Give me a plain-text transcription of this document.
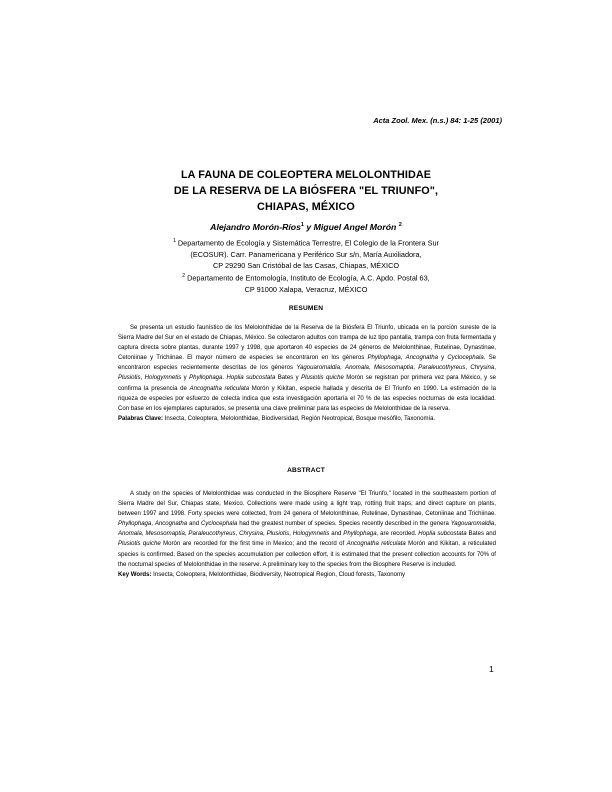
Acta Zool. Mex. (n.s.) 84: 1-25 (2001)
LA FAUNA DE COLEOPTERA MELOLONTHIDAE
DE LA RESERVA DE LA BIÓSFERA "EL TRIUNFO",
CHIAPAS, MÉXICO
Alejandro Morón-Ríos$^1$ y Miguel Angel Morón $^2$
$^1$ Departamento de Ecología y Sistemática Terrestre, El Colegio de la Frontera Sur
(ECOSUR). Carr. Panamericana y Periférico Sur s/n, María Auxiliadora,
CP 29290 San Cristóbal de las Casas, Chiapas, MÉXICO
$^2$ Departamento de Entomología, Instituto de Ecología, A.C. Apdo. Postal 63,
CP 91000 Xalapa, Veracruz, MÉXICO
RESUMEN

Se presenta un estudio faunístico de los Melolonthidae de la Reserva de la Biósfera El Triunfo, ubicada en la porción sureste de la Sierra Madre del Sur en el estado de Chiapas, México. Se colectaron adultos con trampa de luz tipo pantalla, trampa con fruta fermentada y captura directa sobre plantas, durante 1997 y 1998, que aportaron 40 especies de 24 géneros de Melolonthinae, Rutelinae, Dynastinae, Cetoniinae y Trichiinae. El mayor número de especies se encontraron en los géneros Phyllophaga, Ancognatha y Cyclocephala. Se encontraron especies recientemente descritas de los géneros Yagouaromaldia, Anomala, Mesosomaptia, Paraleucothyreus, Chrysina, Plusiotis, Hologymnetis y Phyllophaga. Hoplia subcostata Bates y Plusiotis quiche Morón se registran por primera vez para México, y se confirma la presencia de Ancognatha reticulata Morón y Kikitan, especie hallada y descrita de El Triunfo en 1990. La estimación de la riqueza de especies por esfuerzo de colecta indica que esta investigación aportaría el 70 % de las especies nocturnas de esta localidad. Con base en los ejemplares capturados, se presenta una clave preliminar para las especies de Melolonthidae de la reserva.

Palabras Clave: Insecta, Coleoptera, Melolonthidae, Biodiversidad, Región Neotropical, Bosque mesófilo, Taxonomía.

ABSTRACT

A study on the species of Melolonthidae was conducted in the Biosphere Reserve "El Triunfo," located in the southeastern portion of Sierra Madre del Sur, Chiapas state, Mexico. Collections were made using a light trap, rotting fruit traps, and direct capture on plants, between 1997 and 1998. Forty species were collected, from 24 genera of Melolonthinae, Rutelinae, Dynastinae, Cetoniinae and Trichiinae. Phyllophaga, Ancognatha and Cyclocephala had the greatest number of species. Species recently described in the genera Yagouaromaldia, Anomala, Mesosomaptia, Paraleucothyreus, Chrysina, Plusiotis, Hologymnetis and Phyllophaga, are recorded. Hoplia subcostata Bates and Plusiotis quiche Morón are recorded for the first time in Mexico; and the record of Ancognatha reticulata Morón and Kikitan, a reticulated species is confirmed. Based on the species accumulation per collection effort, it is estimated that the present collection accounts for 70% of the nocturnal species of Melolonthidae in the reserve. A preliminary key to the species from the Biosphere Reserve is included.

Key Words: Insecta, Coleoptera, Melolonthidae, Biodiversity, Neotropical Region, Cloud forests, Taxonomy

1
